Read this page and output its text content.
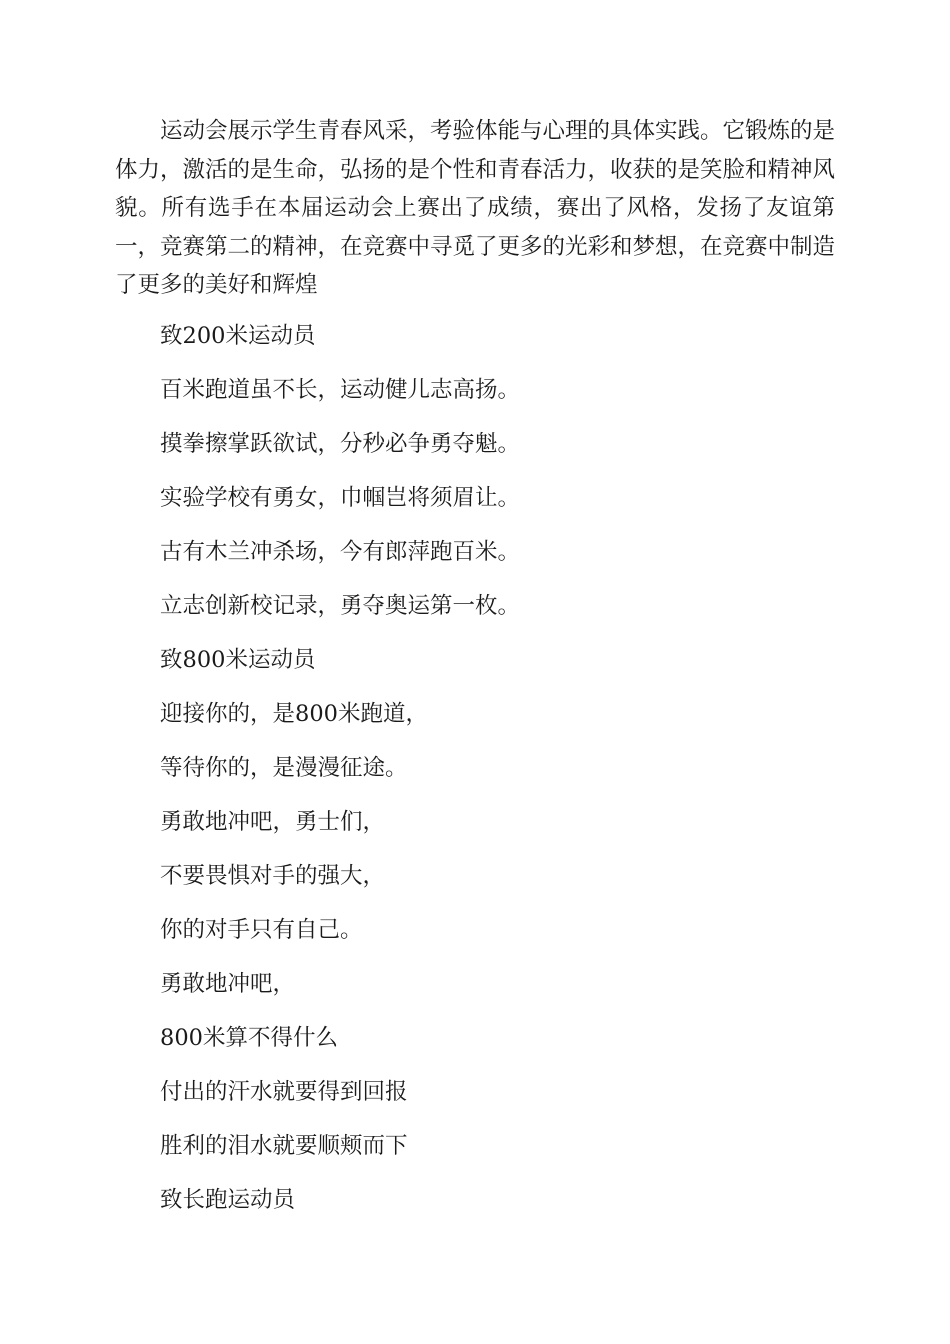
运动会展示学生青春风采，考验体能与心理的具体实践。它锻炼的是体力，激活的是生命，弘扬的是个性和青春活力，收获的是笑脸和精神风貌。所有选手在本届运动会上赛出了成绩，赛出了风格，发扬了友谊第一，竞赛第二的精神，在竞赛中寻觅了更多的光彩和梦想，在竞赛中制造了更多的美好和辉煌

致200米运动员

百米跑道虽不长，运动健儿志高扬。

摸拳擦掌跃欲试，分秒必争勇夺魁。

实验学校有勇女，巾帼岂将须眉让。

古有木兰冲杀场，今有郎萍跑百米。

立志创新校记录，勇夺奥运第一枚。

致800米运动员

迎接你的，是800米跑道，

等待你的，是漫漫征途。

勇敢地冲吧，勇士们，

不要畏惧对手的强大，

你的对手只有自己。

勇敢地冲吧，

800米算不得什么

付出的汗水就要得到回报

胜利的泪水就要顺颊而下

致长跑运动员
